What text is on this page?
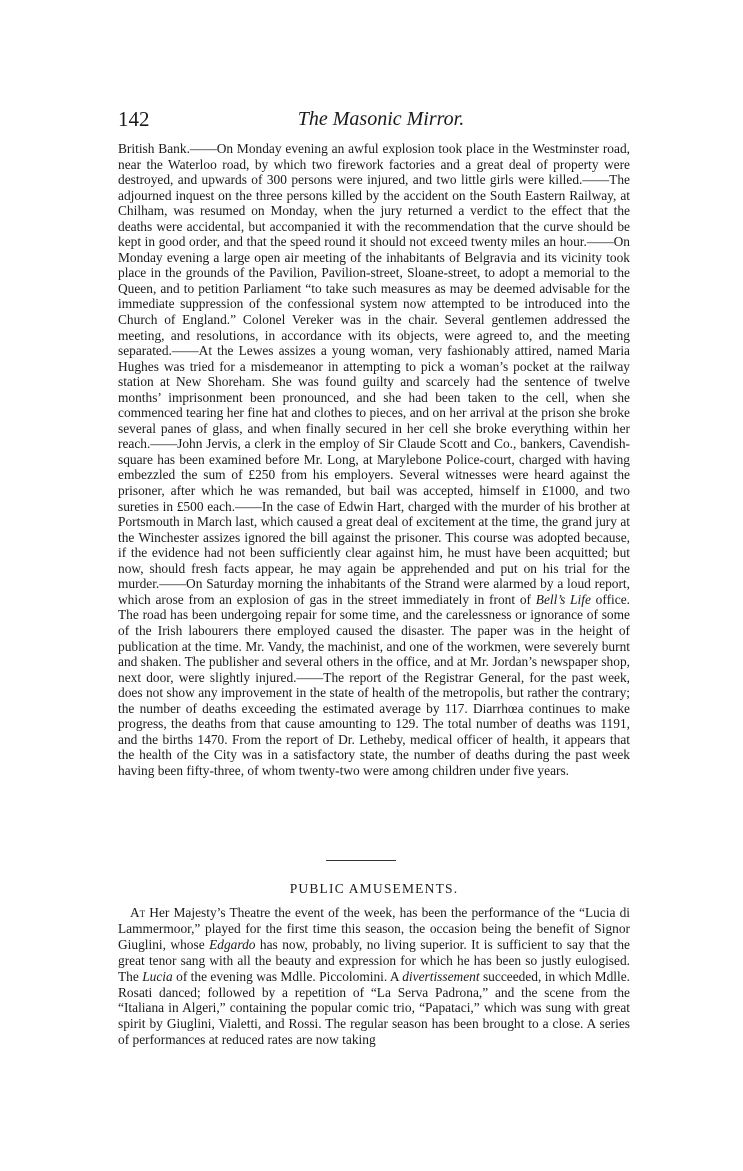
142	The Masonic Mirror.

British Bank.——On Monday evening an awful explosion took place in the Westminster road, near the Waterloo road, by which two firework factories and a great deal of property were destroyed, and upwards of 300 persons were injured, and two little girls were killed.——The adjourned inquest on the three persons killed by the accident on the South Eastern Railway, at Chilham, was resumed on Monday, when the jury returned a verdict to the effect that the deaths were accidental, but accompanied it with the recommendation that the curve should be kept in good order, and that the speed round it should not exceed twenty miles an hour.——On Monday evening a large open air meeting of the inhabitants of Belgravia and its vicinity took place in the grounds of the Pavilion, Pavilion-street, Sloane-street, to adopt a memorial to the Queen, and to petition Parliament “to take such measures as may be deemed advisable for the immediate suppression of the confessional system now attempted to be introduced into the Church of England.” Colonel Vereker was in the chair. Several gentlemen addressed the meeting, and resolutions, in accordance with its objects, were agreed to, and the meeting separated.——At the Lewes assizes a young woman, very fashionably attired, named Maria Hughes was tried for a misdemeanor in attempting to pick a woman’s pocket at the railway station at New Shoreham. She was found guilty and scarcely had the sentence of twelve months’ imprisonment been pronounced, and she had been taken to the cell, when she commenced tearing her fine hat and clothes to pieces, and on her arrival at the prison she broke several panes of glass, and when finally secured in her cell she broke everything within her reach.——John Jervis, a clerk in the employ of Sir Claude Scott and Co., bankers, Cavendish-square has been examined before Mr. Long, at Marylebone Police-court, charged with having embezzled the sum of £250 from his employers. Several witnesses were heard against the prisoner, after which he was remanded, but bail was accepted, himself in £1000, and two sureties in £500 each.——In the case of Edwin Hart, charged with the murder of his brother at Portsmouth in March last, which caused a great deal of excitement at the time, the grand jury at the Winchester assizes ignored the bill against the prisoner. This course was adopted because, if the evidence had not been sufficiently clear against him, he must have been acquitted; but now, should fresh facts appear, he may again be apprehended and put on his trial for the murder.——On Saturday morning the inhabitants of the Strand were alarmed by a loud report, which arose from an explosion of gas in the street immediately in front of Bell’s Life office. The road has been undergoing repair for some time, and the carelessness or ignorance of some of the Irish labourers there employed caused the disaster. The paper was in the height of publication at the time. Mr. Vandy, the machinist, and one of the workmen, were severely burnt and shaken. The publisher and several others in the office, and at Mr. Jordan’s newspaper shop, next door, were slightly injured.——The report of the Registrar General, for the past week, does not show any improvement in the state of health of the metropolis, but rather the contrary; the number of deaths exceeding the estimated average by 117. Diarrhœa continues to make progress, the deaths from that cause amounting to 129. The total number of deaths was 1191, and the births 1470. From the report of Dr. Letheby, medical officer of health, it appears that the health of the City was in a satisfactory state, the number of deaths during the past week having been fifty-three, of whom twenty-two were among children under five years.

PUBLIC AMUSEMENTS.

At Her Majesty’s Theatre the event of the week, has been the performance of the “Lucia di Lammermoor,” played for the first time this season, the occasion being the benefit of Signor Giuglini, whose Edgardo has now, probably, no living superior. It is sufficient to say that the great tenor sang with all the beauty and expression for which he has been so justly eulogised. The Lucia of the evening was Mdlle. Piccolomini. A divertissement succeeded, in which Mdlle. Rosati danced; followed by a repetition of “La Serva Padrona,” and the scene from the “Italiana in Algeri,” containing the popular comic trio, “Papataci,” which was sung with great spirit by Giuglini, Vialetti, and Rossi. The regular season has been brought to a close. A series of performances at reduced rates are now taking
